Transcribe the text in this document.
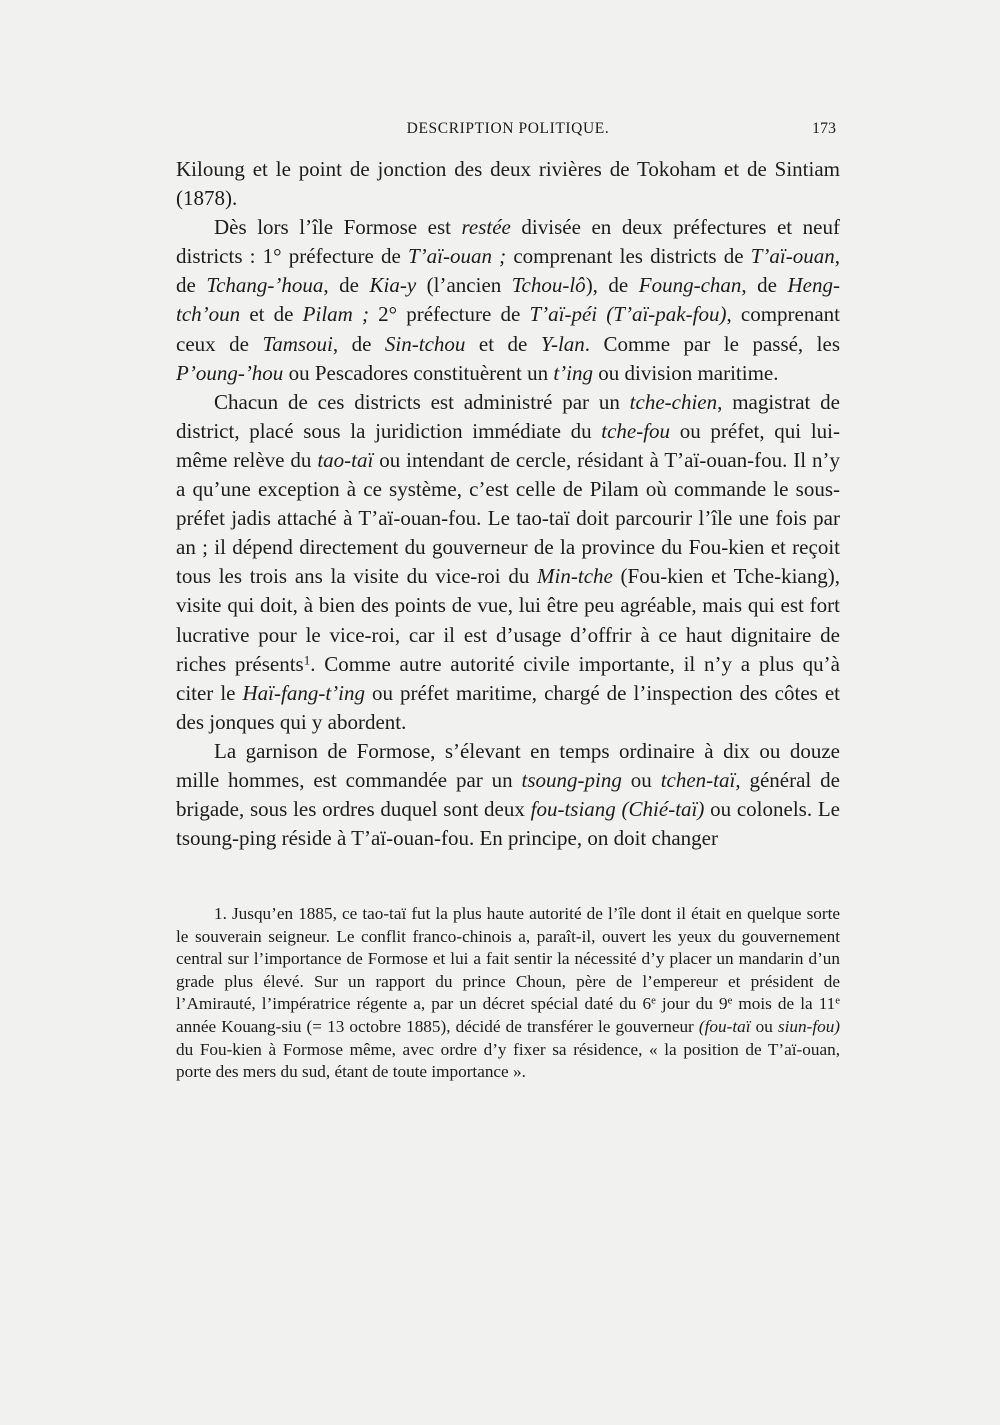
DESCRIPTION POLITIQUE.	173

Kiloung et le point de jonction des deux rivières de Tokoham et de Sintiam (1878).

Dès lors l’île Formose est restée divisée en deux préfectures et neuf districts : 1° préfecture de T’aï-ouan ; comprenant les districts de T’aï-ouan, de Tchang-’houa, de Kia-y (l’ancien Tchou-lô), de Foung-chan, de Heng-tch’oun et de Pilam ; 2° préfecture de T’aï-péi (T’aï-pak-fou), comprenant ceux de Tamsoui, de Sin-tchou et de Y-lan. Comme par le passé, les P’oung-’hou ou Pescadores constituèrent un t’ing ou division maritime.

Chacun de ces districts est administré par un tche-chien, magistrat de district, placé sous la juridiction immédiate du tche-fou ou préfet, qui lui-même relève du tao-taï ou intendant de cercle, résidant à T’aï-ouan-fou. Il n’y a qu’une exception à ce système, c’est celle de Pilam où commande le sous-préfet jadis attaché à T’aï-ouan-fou. Le tao-taï doit parcourir l’île une fois par an ; il dépend directement du gouverneur de la province du Fou-kien et reçoit tous les trois ans la visite du vice-roi du Min-tche (Fou-kien et Tche-kiang), visite qui doit, à bien des points de vue, lui être peu agréable, mais qui est fort lucrative pour le vice-roi, car il est d’usage d’offrir à ce haut dignitaire de riches présents$^1$. Comme autre autorité civile importante, il n’y a plus qu’à citer le Haï-fang-t’ing ou préfet maritime, chargé de l’inspection des côtes et des jonques qui y abordent.

La garnison de Formose, s’élevant en temps ordinaire à dix ou douze mille hommes, est commandée par un tsoung-ping ou tchen-taï, général de brigade, sous les ordres duquel sont deux fou-tsiang (Chié-taï) ou colonels. Le tsoung-ping réside à T’aï-ouan-fou. En principe, on doit changer

1. Jusqu’en 1885, ce tao-taï fut la plus haute autorité de l’île dont il était en quelque sorte le souverain seigneur. Le conflit franco-chinois a, paraît-il, ouvert les yeux du gouvernement central sur l’importance de Formose et lui a fait sentir la nécessité d’y placer un mandarin d’un grade plus élevé. Sur un rapport du prince Choun, père de l’empereur et président de l’Amirauté, l’impératrice régente a, par un décret spécial daté du 6e jour du 9e mois de la 11e année Kouang-siu (= 13 octobre 1885), décidé de transférer le gouverneur (fou-taï ou siun-fou) du Fou-kien à Formose même, avec ordre d’y fixer sa résidence, « la position de T’aï-ouan, porte des mers du sud, étant de toute importance ».
